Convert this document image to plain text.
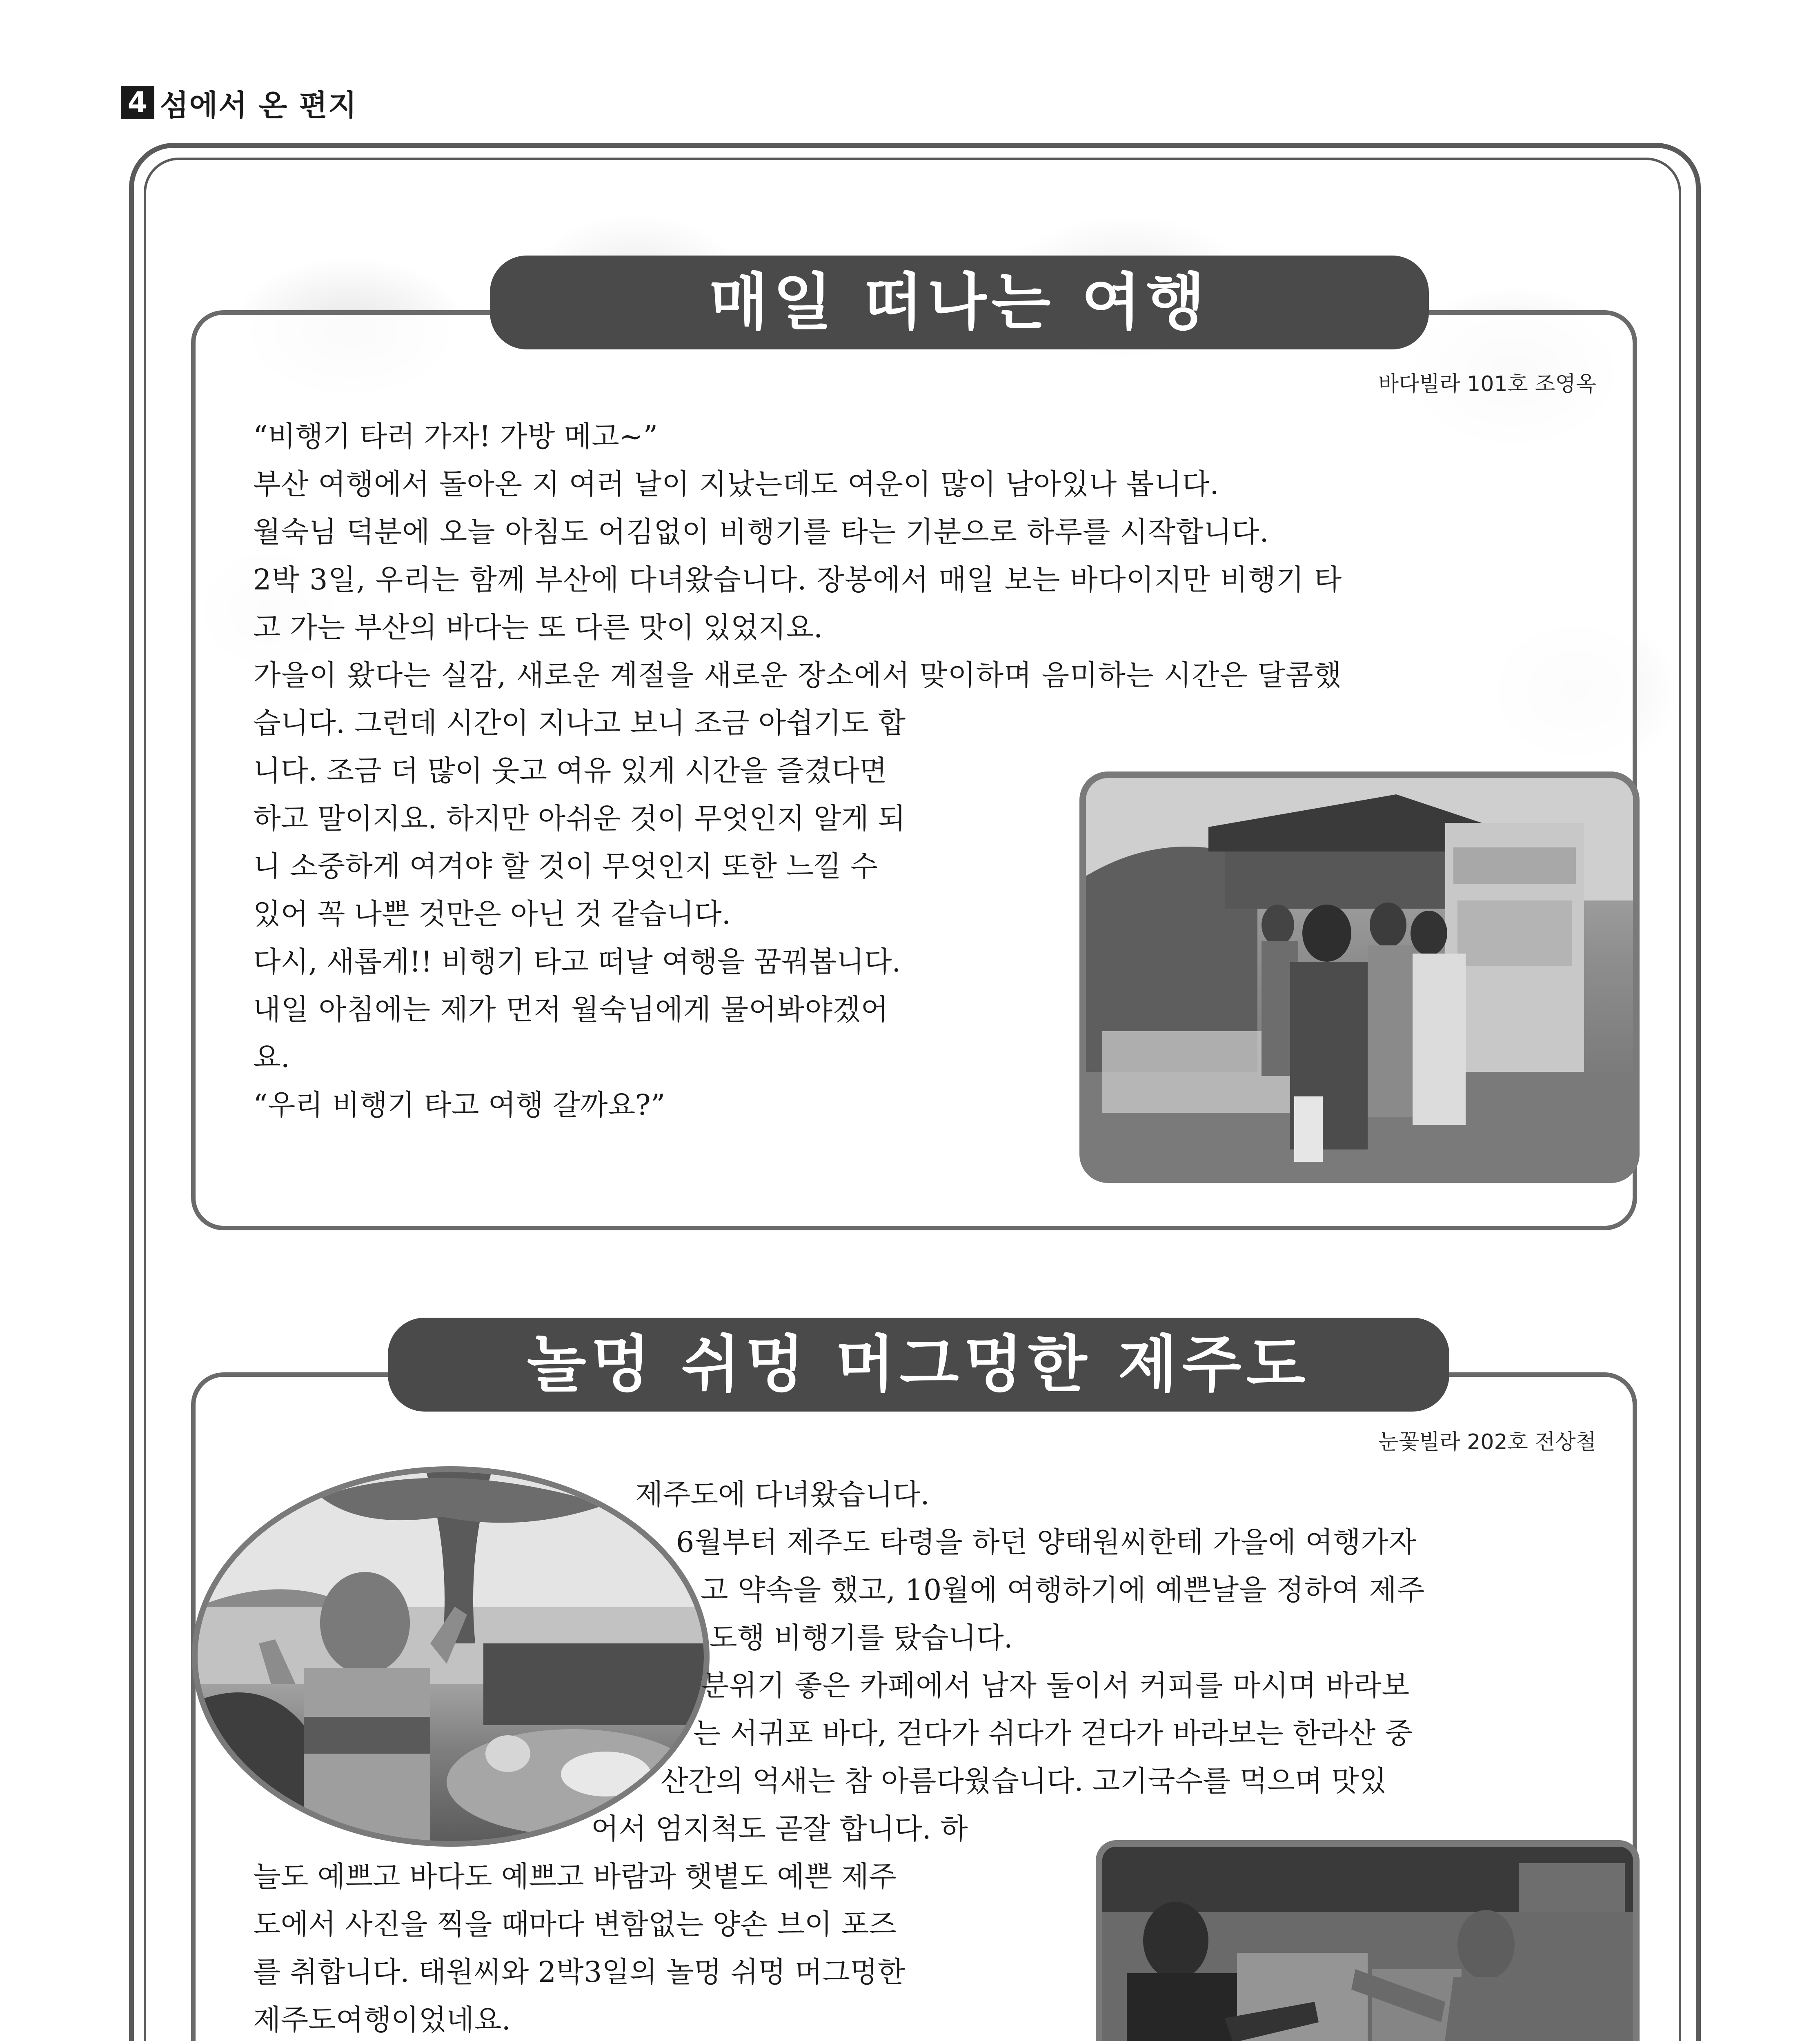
4 섬에서 온 편지
매일 떠나는 여행
바다빌라 101호 조영옥
“비행기 타러 가자! 가방 메고~”
부산 여행에서 돌아온 지 여러 날이 지났는데도 여운이 많이 남아있나 봅니다.
월숙님 덕분에 오늘 아침도 어김없이 비행기를 타는 기분으로 하루를 시작합니다.
2박 3일, 우리는 함께 부산에 다녀왔습니다. 장봉에서 매일 보는 바다이지만 비행기 타
고 가는 부산의 바다는 또 다른 맛이 있었지요.
가을이 왔다는 실감, 새로운 계절을 새로운 장소에서 맞이하며 음미하는 시간은 달콤했
습니다. 그런데 시간이 지나고 보니 조금 아쉽기도 합
니다. 조금 더 많이 웃고 여유 있게 시간을 즐겼다면
하고 말이지요. 하지만 아쉬운 것이 무엇인지 알게 되
니 소중하게 여겨야 할 것이 무엇인지 또한 느낄 수
있어 꼭 나쁜 것만은 아닌 것 같습니다.
다시, 새롭게!! 비행기 타고 떠날 여행을 꿈꿔봅니다.
내일 아침에는 제가 먼저 월숙님에게 물어봐야겠어
요.
“우리 비행기 타고 여행 갈까요?”
놀멍 쉬멍 머그멍한 제주도
눈꽃빌라 202호 전상철
제주도에 다녀왔습니다.
6월부터 제주도 타령을 하던 양태원씨한테 가을에 여행가자
고 약속을 했고, 10월에 여행하기에 예쁜날을 정하여 제주
도행 비행기를 탔습니다.
분위기 좋은 카페에서 남자 둘이서 커피를 마시며 바라보
는 서귀포 바다, 걷다가 쉬다가 걷다가 바라보는 한라산 중
산간의 억새는 참 아름다웠습니다. 고기국수를 먹으며 맛있
어서 엄지척도 곧잘 합니다. 하
늘도 예쁘고 바다도 예쁘고 바람과 햇볕도 예쁜 제주
도에서 사진을 찍을 때마다 변함없는 양손 브이 포즈
를 취합니다. 태원씨와 2박3일의 놀멍 쉬멍 머그멍한
제주도여행이었네요.
